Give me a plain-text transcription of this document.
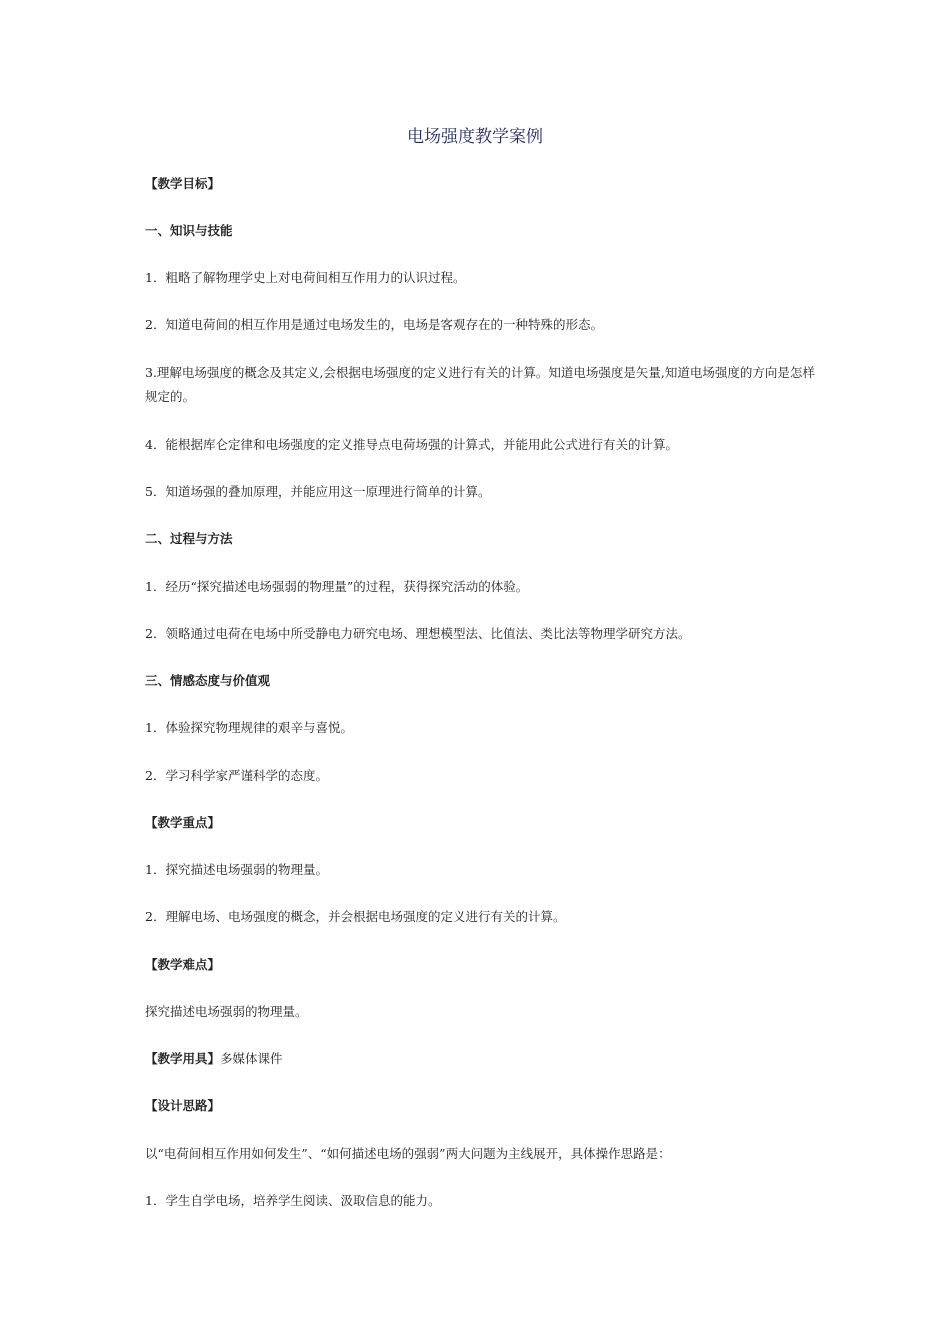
电场强度教学案例
【教学目标】
一、知识与技能
1．粗略了解物理学史上对电荷间相互作用力的认识过程。
2．知道电荷间的相互作用是通过电场发生的，电场是客观存在的一种特殊的形态。
3.理解电场强度的概念及其定义,会根据电场强度的定义进行有关的计算。知道电场强度是矢量,知道电场强度的方向是怎样规定的。
4．能根据库仑定律和电场强度的定义推导点电荷场强的计算式，并能用此公式进行有关的计算。
5．知道场强的叠加原理，并能应用这一原理进行简单的计算。
二、过程与方法
1．经历“探究描述电场强弱的物理量”的过程，获得探究活动的体验。
2．领略通过电荷在电场中所受静电力研究电场、理想模型法、比值法、类比法等物理学研究方法。
三、情感态度与价值观
1．体验探究物理规律的艰辛与喜悦。
2．学习科学家严谨科学的态度。
【教学重点】
1．探究描述电场强弱的物理量。
2．理解电场、电场强度的概念，并会根据电场强度的定义进行有关的计算。
【教学难点】
探究描述电场强弱的物理量。
【教学用具】多媒体课件
【设计思路】
以“电荷间相互作用如何发生”、“如何描述电场的强弱”两大问题为主线展开，具体操作思路是：
1．学生自学电场，培养学生阅读、汲取信息的能力。
